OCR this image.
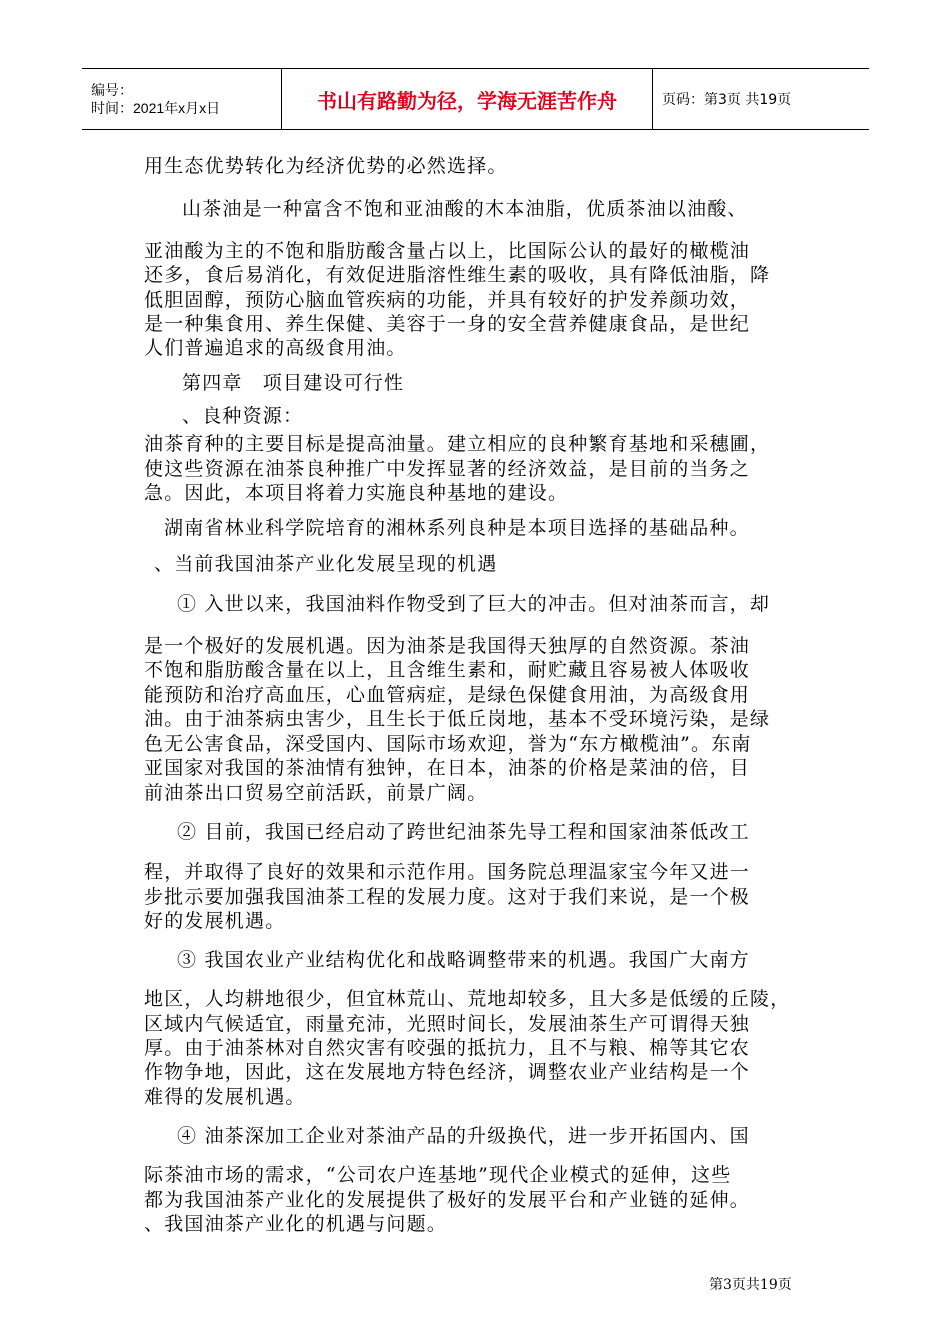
编号：
时间：2021年x月x日	书山有路勤为径，学海无涯苦作舟	页码：第3页 共19页
用生态优势转化为经济优势的必然选择。
山茶油是一种富含不饱和亚油酸的木本油脂，优质茶油以油酸、
亚油酸为主的不饱和脂肪酸含量占以上，比国际公认的最好的橄榄油
还多，食后易消化，有效促进脂溶性维生素的吸收，具有降低油脂，降
低胆固醇，预防心脑血管疾病的功能，并具有较好的护发养颜功效，
是一种集食用、养生保健、美容于一身的安全营养健康食品，是世纪
人们普遍追求的高级食用油。
第四章　项目建设可行性
、良种资源：
油茶育种的主要目标是提高油量。建立相应的良种繁育基地和采穗圃，
使这些资源在油茶良种推广中发挥显著的经济效益，是目前的当务之
急。因此，本项目将着力实施良种基地的建设。
湖南省林业科学院培育的湘林系列良种是本项目选择的基础品种。
、当前我国油茶产业化发展呈现的机遇
① 入世以来，我国油料作物受到了巨大的冲击。但对油茶而言，却
是一个极好的发展机遇。因为油茶是我国得天独厚的自然资源。茶油
不饱和脂肪酸含量在以上，且含维生素和，耐贮藏且容易被人体吸收
能预防和治疗高血压，心血管病症，是绿色保健食用油，为高级食用
油。由于油茶病虫害少，且生长于低丘岗地，基本不受环境污染，是绿
色无公害食品，深受国内、国际市场欢迎，誉为“东方橄榄油”。东南
亚国家对我国的茶油情有独钟，在日本，油茶的价格是菜油的倍，目
前油茶出口贸易空前活跃，前景广阔。
② 目前，我国已经启动了跨世纪油茶先导工程和国家油茶低改工
程，并取得了良好的效果和示范作用。国务院总理温家宝今年又进一
步批示要加强我国油茶工程的发展力度。这对于我们来说，是一个极
好的发展机遇。
③ 我国农业产业结构优化和战略调整带来的机遇。我国广大南方
地区，人均耕地很少，但宜林荒山、荒地却较多，且大多是低缓的丘陵，
区域内气候适宜，雨量充沛，光照时间长，发展油茶生产可谓得天独
厚。由于油茶林对自然灾害有咬强的抵抗力，且不与粮、棉等其它农
作物争地，因此，这在发展地方特色经济，调整农业产业结构是一个
难得的发展机遇。
④ 油茶深加工企业对茶油产品的升级换代，进一步开拓国内、国
际茶油市场的需求，“公司农户连基地”现代企业模式的延伸，这些
都为我国油茶产业化的发展提供了极好的发展平台和产业链的延伸。
、我国油茶产业化的机遇与问题。
第3页共19页
